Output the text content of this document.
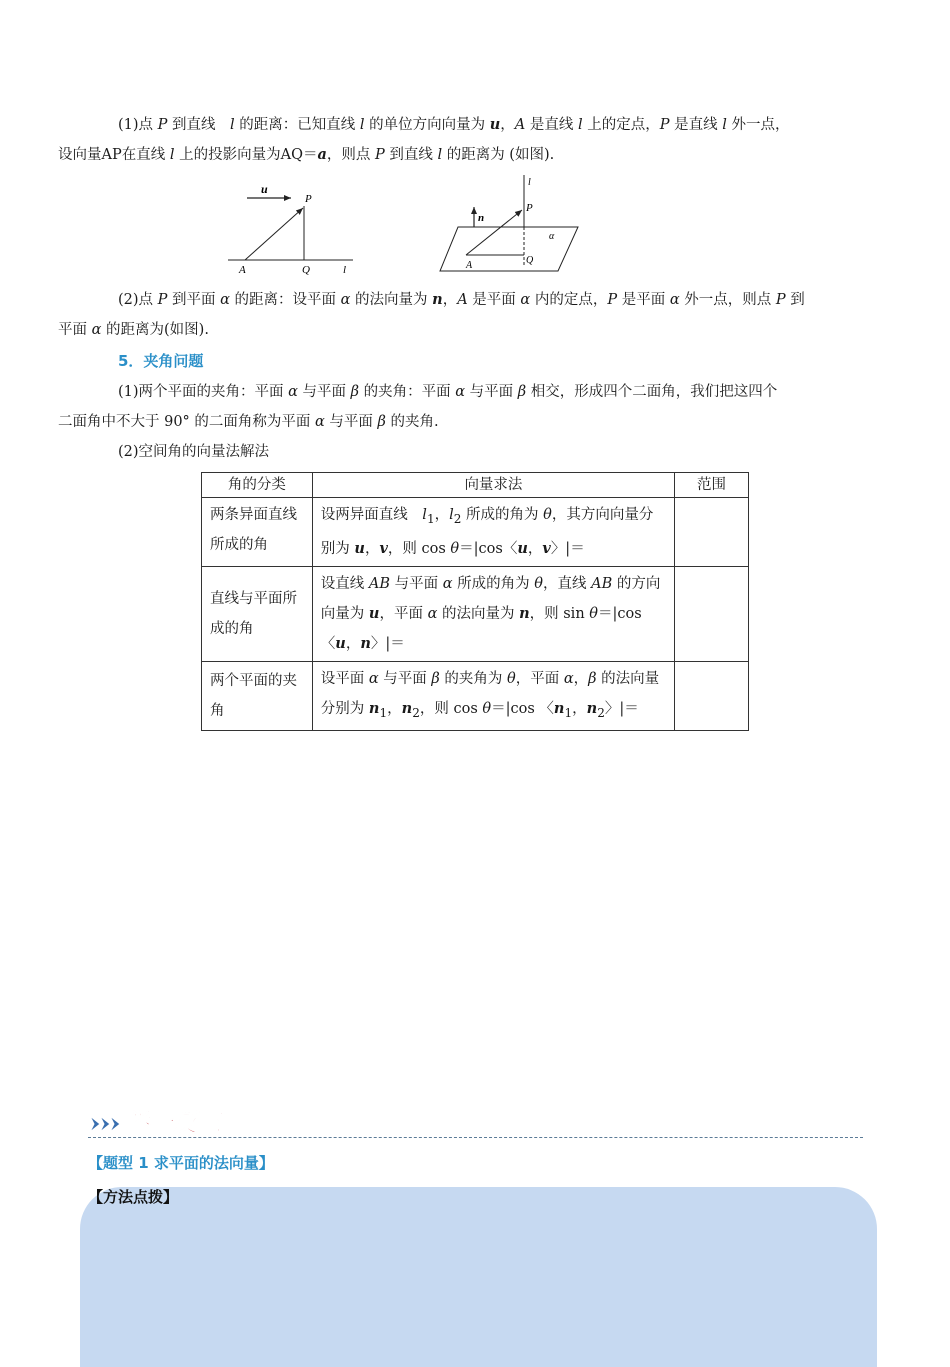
(1)点 P 到直线　l 的距离：已知直线 l 的单位方向向量为 u，A 是直线 l 上的定点，P 是直线 l 外一点，
设向量AP在直线 l 上的投影向量为AQ＝a，则点 P 到直线 l 的距离为 (如图).
u
P
A	Q	l
l
n
P
A	Q
α
(2)点 P 到平面 α 的距离：设平面 α 的法向量为 n，A 是平面 α 内的定点，P 是平面 α 外一点，则点 P 到
平面 α 的距离为(如图).
5．夹角问题
(1)两个平面的夹角：平面 α 与平面 β 的夹角：平面 α 与平面 β 相交，形成四个二面角，我们把这四个
二面角中不大于 90° 的二面角称为平面 α 与平面 β 的夹角.
(2)空间角的向量法解法
角的分类	向量求法	范围
两条异面直线所成的角	设两异面直线　$l_1$，$l_2$ 所成的角为 θ，其方向向量分别为 u，v，则 cos θ＝|cos〈u，v〉|＝	
直线与平面所成的角	设直线 AB 与平面 α 所成的角为 θ，直线 AB 的方向向量为 u，平面 α 的法向量为 n，则 sin θ＝|cos 〈u，n〉|＝	
两个平面的夹角	设平面 α 与平面 β 的夹角为 θ，平面 α，β 的法向量分别为 $n_1$，$n_2$，则 cos θ＝|cos 〈$n_1$，$n_2$〉|＝	
举一反三
【题型 1 求平面的法向量】
【方法点拨】
